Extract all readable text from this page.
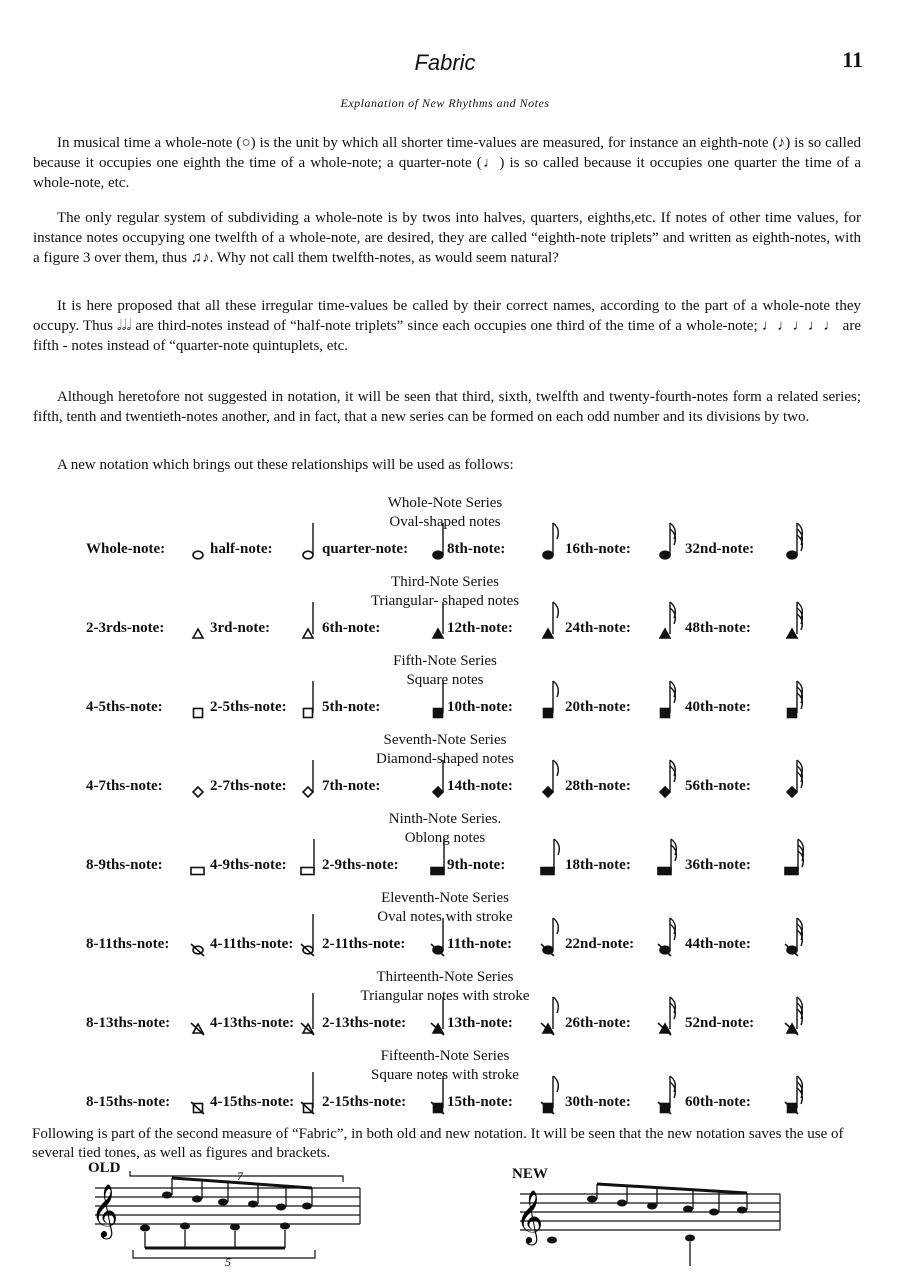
Fabric	11
Explanation of New Rhythms and Notes

In musical time a whole-note (○) is the unit by which all shorter time-values are measured, for instance an eighth-note (♪) is so called because it occupies one eighth the time of a whole-note; a quarter-note (♩) is so called because it occupies one quarter the time of a whole-note, etc.

The only regular system of subdividing a whole-note is by twos into halves, quarters, eighths,etc. If notes of other time values, for instance notes occupying one twelfth of a whole-note, are desired, they are called “eighth-note triplets” and written as eighth-notes, with a figure 3 over them, thus ♫♪. Why not call them twelfth-notes, as would seem natural?

It is here proposed that all these irregular time-values be called by their correct names, according to the part of a whole-note they occupy. Thus 𝅗𝅥𝅗𝅥𝅗𝅥 are third-notes instead of “half-note triplets” since each occupies one third of the time of a whole-note; ♩♩♩♩♩ are fifth - notes instead of “quarter-note quintuplets, etc.

Although heretofore not suggested in notation, it will be seen that third, sixth, twelfth and twenty-fourth-notes form a related series; fifth, tenth and twentieth-notes another, and in fact, that a new series can be formed on each odd number and its divisions by two.

A new notation which brings out these relationships will be used as follows:

Whole-Note Series
Oval-shaped notes
Whole-note:	half-note:	quarter-note:	8th-note:	16th-note:	32nd-note:
Third-Note Series
Triangular- shaped notes
2-3rds-note:	3rd-note:	6th-note:	12th-note:	24th-note:	48th-note:
Fifth-Note Series
Square notes
4-5ths-note:	2-5ths-note: 5th-note:	10th-note:	20th-note:	40th-note:
Seventh-Note Series
Diamond-shaped notes
4-7ths-note:	2-7ths-note: 7th-note:	14th-note:	28th-note:	56th-note:
Ninth-Note Series.
Oblong notes
8-9ths-note:	4-9ths-note: 2-9ths-note:	9th-note:	18th-note:	36th-note:
Eleventh-Note Series
Oval notes with stroke
8-11ths-note:	4-11ths-note: 2-11ths-note:	11th-note:	22nd-note:	44th-note:
Thirteenth-Note Series
Triangular notes with stroke
8-13ths-note:	4-13ths-note: 2-13ths-note:	13th-note:	26th-note:	52nd-note:
Fifteenth-Note Series
Square notes with stroke
8-15ths-note:	4-15ths-note: 2-15ths-note:	15th-note:	30th-note:	60th-note:
Following is part of the second measure of “Fabric”, in both old and new notation. It will be seen that the new notation saves the use of several tied tones, as well as figures and brackets.
OLD	NEW
𝄞
7
5
𝄞
